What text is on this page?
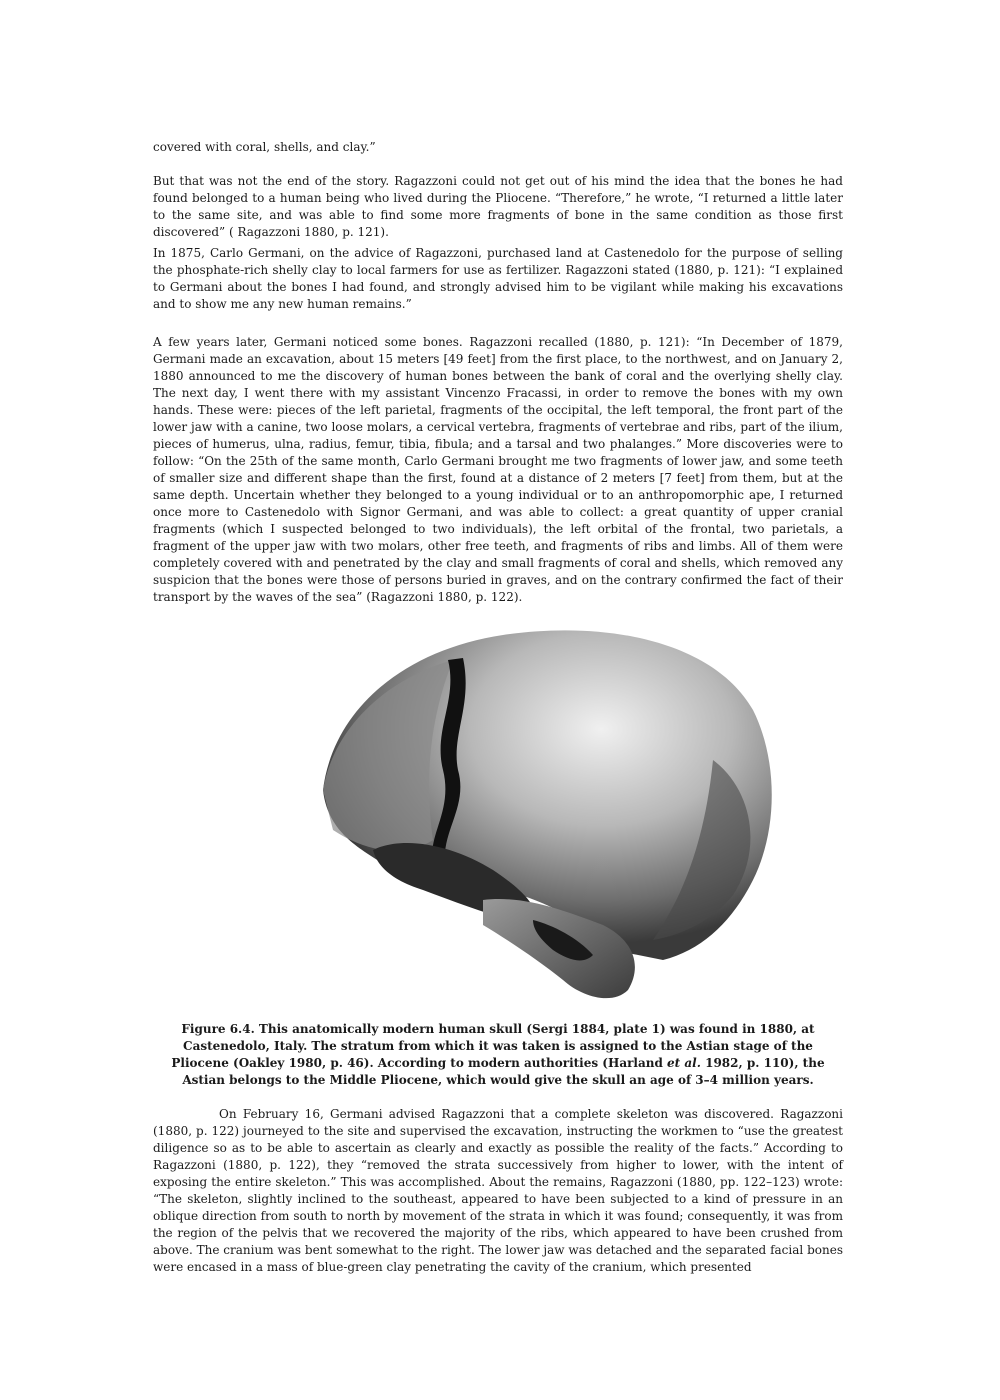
covered with coral, shells, and clay.”

But that was not the end of the story. Ragazzoni could not get out of his mind the idea that the bones he had found belonged to a human being who lived during the Pliocene. “Therefore,” he wrote, “I returned a little later to the same site, and was able to find some more fragments of bone in the same condition as those first discovered” ( Ragazzoni 1880, p. 121).

In 1875, Carlo Germani, on the advice of Ragazzoni, purchased land at Castenedolo for the purpose of selling the phosphate-rich shelly clay to local farmers for use as fertilizer. Ragazzoni stated (1880, p. 121): “I explained to Germani about the bones I had found, and strongly advised him to be vigilant while making his excavations and to show me any new human remains.”

A few years later, Germani noticed some bones. Ragazzoni recalled (1880, p. 121): “In December of 1879, Germani made an excavation, about 15 meters [49 feet] from the first place, to the northwest, and on January 2, 1880 announced to me the discovery of human bones between the bank of coral and the overlying shelly clay. The next day, I went there with my assistant Vincenzo Fracassi, in order to remove the bones with my own hands. These were: pieces of the left parietal, fragments of the occipital, the left temporal, the front part of the lower jaw with a canine, two loose molars, a cervical vertebra, fragments of vertebrae and ribs, part of the ilium, pieces of humerus, ulna, radius, femur, tibia, fibula; and a tarsal and two phalanges.” More discoveries were to follow: “On the 25th of the same month, Carlo Germani brought me two fragments of lower jaw, and some teeth of smaller size and different shape than the first, found at a distance of 2 meters [7 feet] from them, but at the same depth. Uncertain whether they belonged to a young individual or to an anthropomorphic ape, I returned once more to Castenedolo with Signor Germani, and was able to collect: a great quantity of upper cranial fragments (which I suspected belonged to two individuals), the left orbital of the frontal, two parietals, a fragment of the upper jaw with two molars, other free teeth, and fragments of ribs and limbs. All of them were completely covered with and penetrated by the clay and small fragments of coral and shells, which removed any suspicion that the bones were those of persons buried in graves, and on the contrary confirmed the fact of their transport by the waves of the sea” (Ragazzoni 1880, p. 122).

Figure 6.4. This anatomically modern human skull (Sergi 1884, plate 1) was found in 1880, at Castenedolo, Italy. The stratum from which it was taken is assigned to the Astian stage of the Pliocene (Oakley 1980, p. 46). According to modern authorities (Harland et al. 1982, p. 110), the Astian belongs to the Middle Pliocene, which would give the skull an age of 3–4 million years.

On February 16, Germani advised Ragazzoni that a complete skeleton was discovered. Ragazzoni (1880, p. 122) journeyed to the site and supervised the excavation, instructing the workmen to “use the greatest diligence so as to be able to ascertain as clearly and exactly as possible the reality of the facts.” According to Ragazzoni (1880, p. 122), they “removed the strata successively from higher to lower, with the intent of exposing the entire skeleton.” This was accomplished. About the remains, Ragazzoni (1880, pp. 122–123) wrote: “The skeleton, slightly inclined to the southeast, appeared to have been subjected to a kind of pressure in an oblique direction from south to north by movement of the strata in which it was found; consequently, it was from the region of the pelvis that we recovered the majority of the ribs, which appeared to have been crushed from above. The cranium was bent somewhat to the right. The lower jaw was detached and the separated facial bones were encased in a mass of blue-green clay penetrating the cavity of the cranium, which presented
